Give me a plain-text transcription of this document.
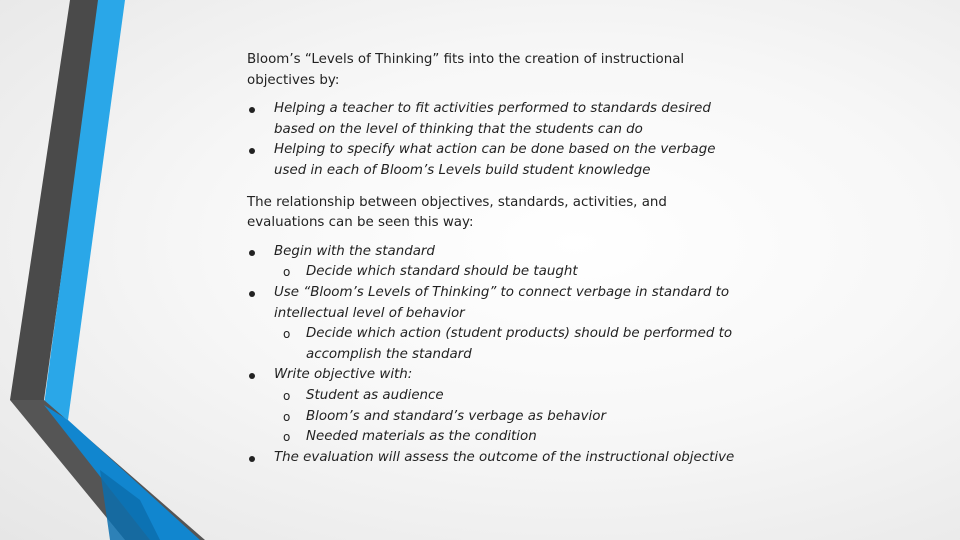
Bloom’s “Levels of Thinking” fits into the creation of instructional objectives by:

Helping a teacher to fit activities performed to standards desired based on the level of thinking that the students can do
Helping to specify what action can be done based on the verbage used in each of Bloom’s Levels build student knowledge

The relationship between objectives, standards, activities, and evaluations can be seen this way:

Begin with the standard
o Decide which standard should be taught
Use “Bloom’s Levels of Thinking” to connect verbage in standard to intellectual level of behavior
o Decide which action (student products) should be performed to accomplish the standard
Write objective with:
o Student as audience
o Bloom’s and standard’s verbage as behavior
o Needed materials as the condition
The evaluation will assess the outcome of the instructional objective
